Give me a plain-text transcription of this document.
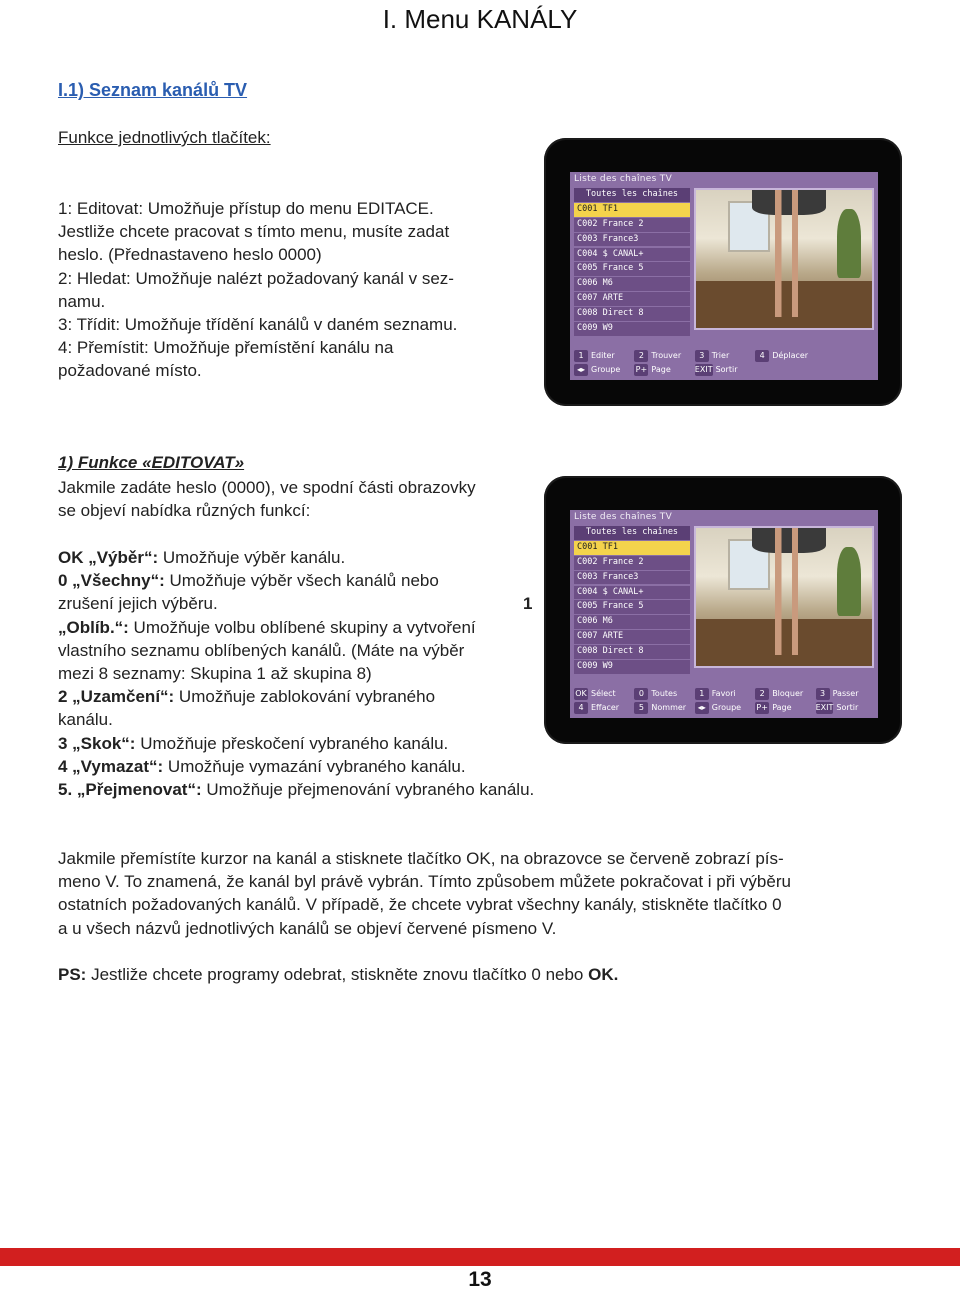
I. Menu KANÁLY
I.1) Seznam kanálů TV
Funkce jednotlivých tlačítek:

1: Editovat: Umožňuje přístup do menu EDITACE.

Jestliže chcete pracovat s tímto menu, musíte zadat

heslo. (Přednastaveno heslo 0000)

2: Hledat: Umožňuje nalézt požadovaný kanál v sez-

namu.

3: Třídit: Umožňuje třídění kanálů v daném seznamu.

4: Přemístit: Umožňuje přemístění kanálu na

požadované místo.

Liste des chaînes TV
Toutes les chaînes
C001 TF1
C002 France 2
C003 France3
C004 $ CANAL+
C005 France 5
C006 M6
C007 ARTE
C008 Direct 8
C009 W9
1 Editer	2 Trouver	3 Trier	4 Déplacer
◂▸ Groupe	P+ Page	EXIT Sortir
1) Funkce «EDITOVAT»

Jakmile zadáte heslo (0000), ve spodní části obrazovky

se objeví nabídka různých funkcí:

OK „Výběr“: Umožňuje výběr kanálu.

0 „Všechny“: Umožňuje výběr všech kanálů nebo

zrušení jejich výběru.

„Oblíb.“: Umožňuje volbu oblíbené skupiny a vytvoření

vlastního seznamu oblíbených kanálů. (Máte na výběr

mezi 8 seznamy: Skupina 1 až skupina 8)

2 „Uzamčení“: Umožňuje zablokování vybraného

kanálu.

3 „Skok“: Umožňuje přeskočení vybraného kanálu.

4 „Vymazat“: Umožňuje vymazání vybraného kanálu.

5. „Přejmenovat“: Umožňuje přejmenování vybraného kanálu.

1
Liste des chaînes TV
Toutes les chaînes
C001 TF1
C002 France 2
C003 France3
C004 $ CANAL+
C005 France 5
C006 M6
C007 ARTE
C008 Direct 8
C009 W9
OK Sélect	0 Toutes	1 Favori	2 Bloquer	3 Passer
4 Effacer	5 Nommer	◂▸ Groupe	P+ Page	EXIT Sortir

Jakmile přemístíte kurzor na kanál a stisknete tlačítko OK, na obrazovce se červeně zobrazí pís-

meno V. To znamená, že kanál byl právě vybrán. Tímto způsobem můžete pokračovat i při výběru

ostatních požadovaných kanálů. V případě, že chcete vybrat všechny kanály, stiskněte tlačítko 0

a u všech názvů jednotlivých kanálů se objeví červené písmeno V.

PS: Jestliže chcete programy odebrat, stiskněte znovu tlačítko 0 nebo OK.

13
